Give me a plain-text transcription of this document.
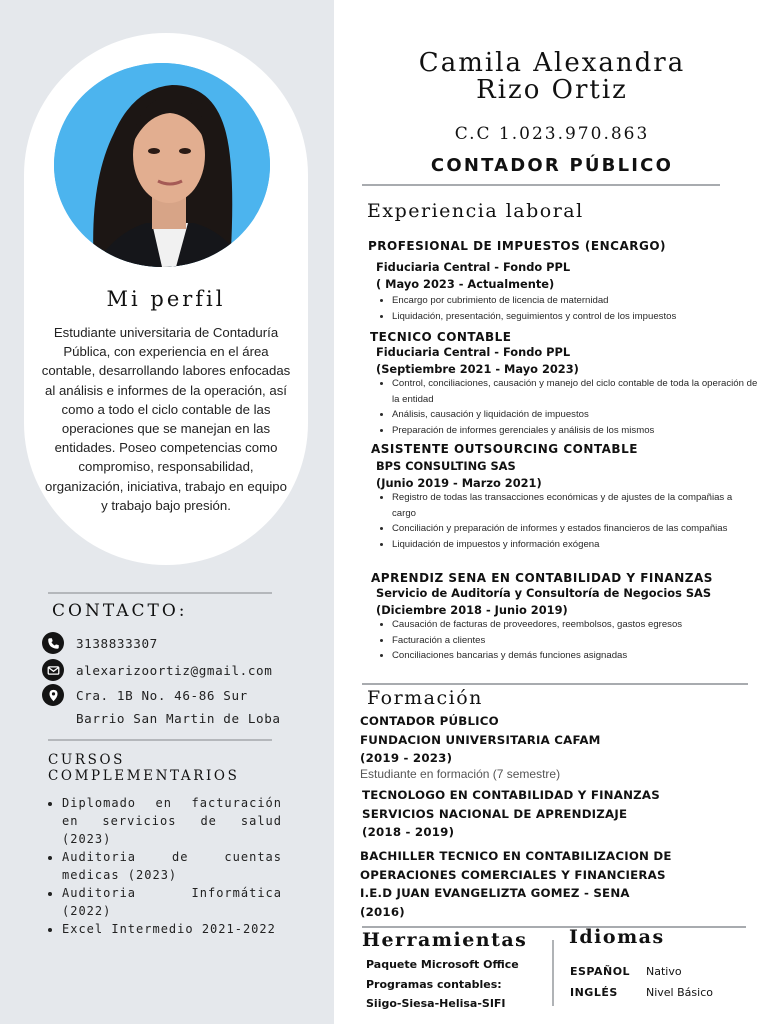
Mi perfil
Estudiante universitaria de Contaduría Pública, con experiencia en el área contable, desarrollando labores enfocadas al análisis e informes de la operación, así como a todo el ciclo contable de las operaciones que se manejan en las entidades. Poseo competencias como compromiso, responsabilidad, organización, iniciativa, trabajo en equipo y trabajo bajo presión.
CONTACTO:
3138833307
alexarizoortiz@gmail.com
Cra. 1B No. 46-86 Sur
Barrio San Martin de Loba
CURSOS
COMPLEMENTARIOS
• Diplomado en facturación en servicios de salud (2023)
• Auditoria de cuentas medicas (2023)
• Auditoria Informática (2022)
• Excel Intermedio 2021-2022
Camila Alexandra
Rizo Ortiz
C.C 1.023.970.863
CONTADOR PÚBLICO
Experiencia laboral
PROFESIONAL DE IMPUESTOS (ENCARGO)
Fiduciaria Central - Fondo PPL
( Mayo 2023 - Actualmente)
• Encargo por cubrimiento de licencia de maternidad
• Liquidación, presentación, seguimientos y control de los impuestos
TECNICO CONTABLE
Fiduciaria Central - Fondo PPL
(Septiembre 2021 - Mayo 2023)
• Control, conciliaciones, causación y manejo del ciclo contable de toda la operación de la entidad
• Análisis, causación y liquidación de impuestos
• Preparación de informes gerenciales y análisis de los mismos
ASISTENTE OUTSOURCING CONTABLE
BPS CONSULTING SAS
(Junio 2019 - Marzo 2021)
• Registro de todas las transacciones económicas y de ajustes de la compañias a cargo
• Conciliación y preparación de informes y estados financieros de las compañias
• Liquidación de impuestos y información exógena
APRENDIZ SENA EN CONTABILIDAD Y FINANZAS
Servicio de Auditoría y Consultoría de Negocios SAS
(Diciembre 2018 - Junio 2019)
• Causación de facturas de proveedores, reembolsos, gastos egresos
• Facturación a clientes
• Conciliaciones bancarias y demás funciones asignadas
Formación
CONTADOR PÚBLICO
FUNDACION UNIVERSITARIA CAFAM
(2019 - 2023)
Estudiante en formación (7 semestre)
TECNOLOGO EN CONTABILIDAD Y FINANZAS
SERVICIOS NACIONAL DE APRENDIZAJE
(2018 - 2019)
BACHILLER TECNICO EN CONTABILIZACION DE
OPERACIONES COMERCIALES Y FINANCIERAS
I.E.D JUAN EVANGELIZTA GOMEZ - SENA
(2016)
Herramientas
Paquete Microsoft Office
Programas contables:
Siigo-Siesa-Helisa-SIFI
Idiomas
ESPAÑOL Nativo
INGLÉS	Nivel Básico
